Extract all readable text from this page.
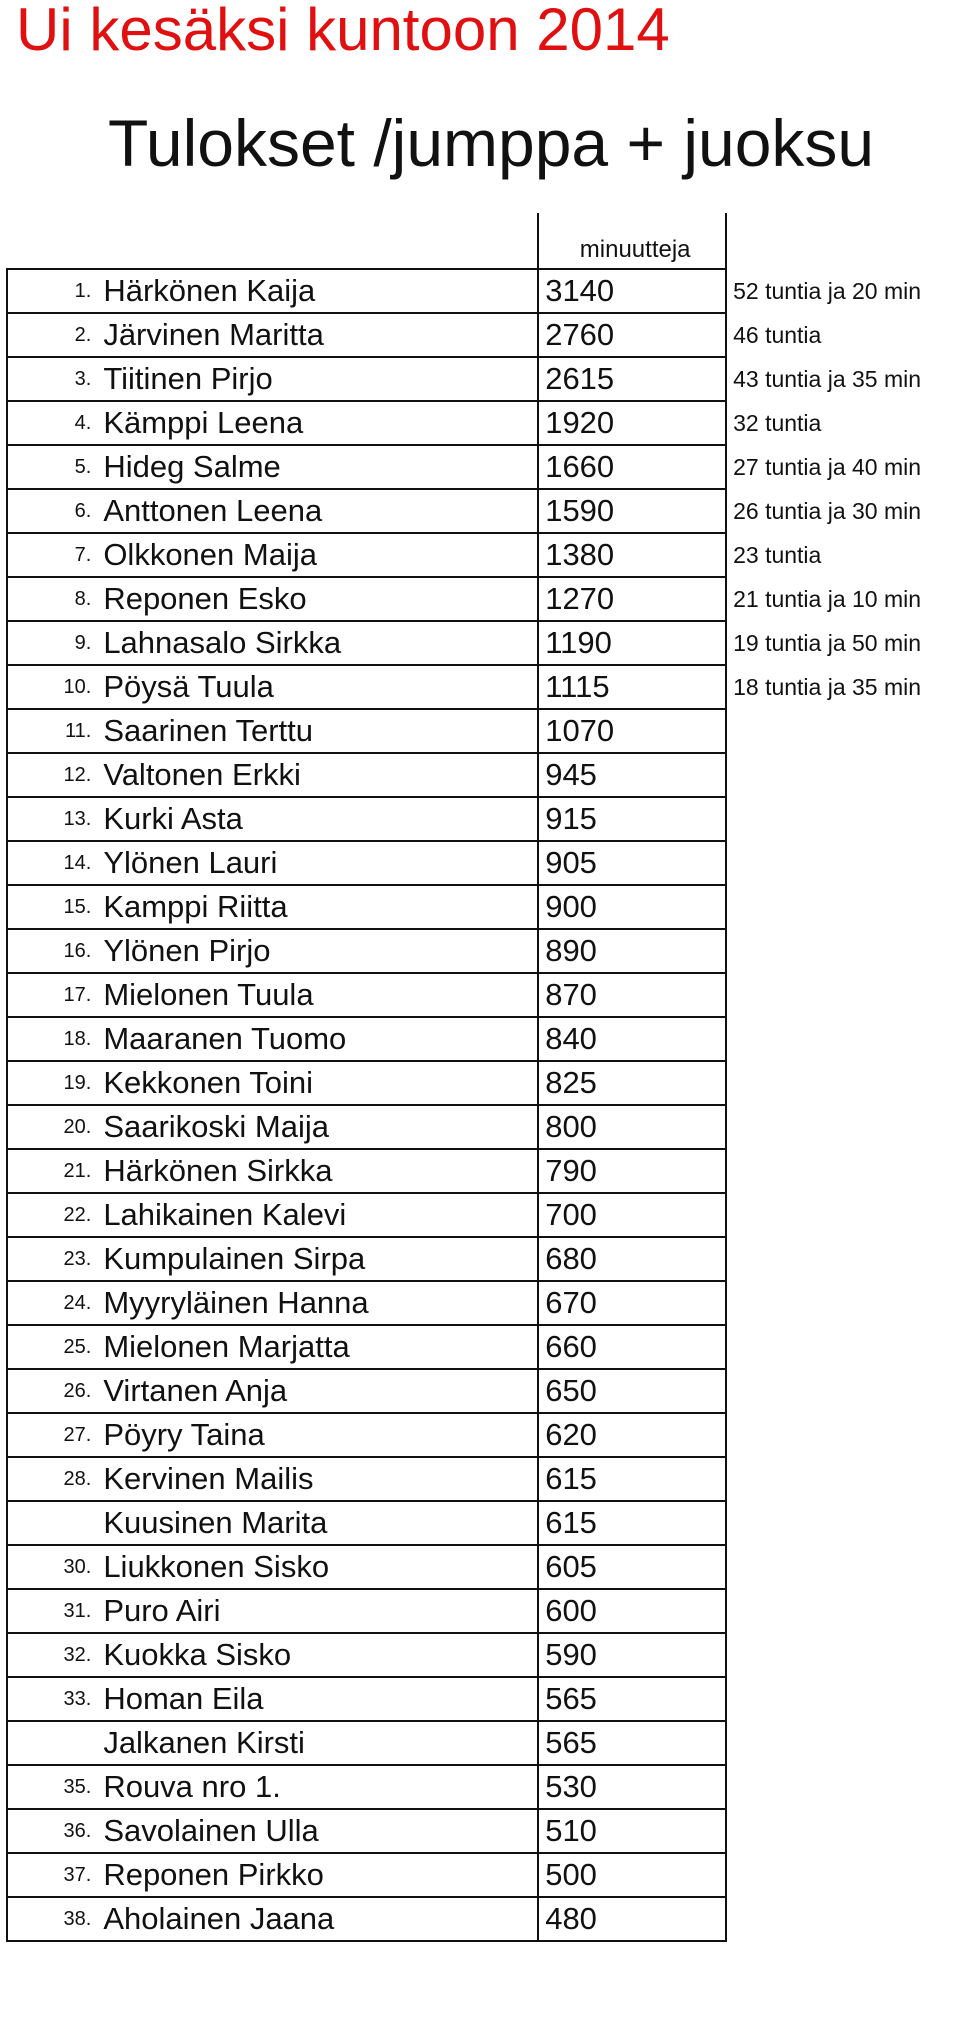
Ui kesäksi kuntoon 2014
Tulokset /jumppa + juoksu
		minuutteja	
1.	Härkönen Kaija	3140	52 tuntia ja 20 min
2.	Järvinen Maritta	2760	46 tuntia
3.	Tiitinen Pirjo	2615	43 tuntia ja 35 min
4.	Kämppi Leena	1920	32 tuntia
5.	Hideg Salme	1660	27 tuntia ja 40 min
6.	Anttonen Leena	1590	26 tuntia ja 30 min
7.	Olkkonen Maija	1380	23 tuntia
8.	Reponen Esko	1270	21 tuntia ja 10 min
9.	Lahnasalo Sirkka	1190	19 tuntia ja 50 min
10.	Pöysä Tuula	1115	18 tuntia ja 35 min
11.	Saarinen Terttu	1070	
12.	Valtonen Erkki	945	
13.	Kurki Asta	915	
14.	Ylönen Lauri	905	
15.	Kamppi Riitta	900	
16.	Ylönen Pirjo	890	
17.	Mielonen Tuula	870	
18.	Maaranen Tuomo	840	
19.	Kekkonen Toini	825	
20.	Saarikoski Maija	800	
21.	Härkönen Sirkka	790	
22.	Lahikainen Kalevi	700	
23.	Kumpulainen Sirpa	680	
24.	Myyryläinen Hanna	670	
25.	Mielonen Marjatta	660	
26.	Virtanen Anja	650	
27.	Pöyry Taina	620	
28.	Kervinen Mailis	615	
	Kuusinen Marita	615	
30.	Liukkonen Sisko	605	
31.	Puro Airi	600	
32.	Kuokka Sisko	590	
33.	Homan Eila	565	
	Jalkanen Kirsti	565	
35.	Rouva nro 1.	530	
36.	Savolainen Ulla	510	
37.	Reponen Pirkko	500	
38.	Aholainen Jaana	480	
